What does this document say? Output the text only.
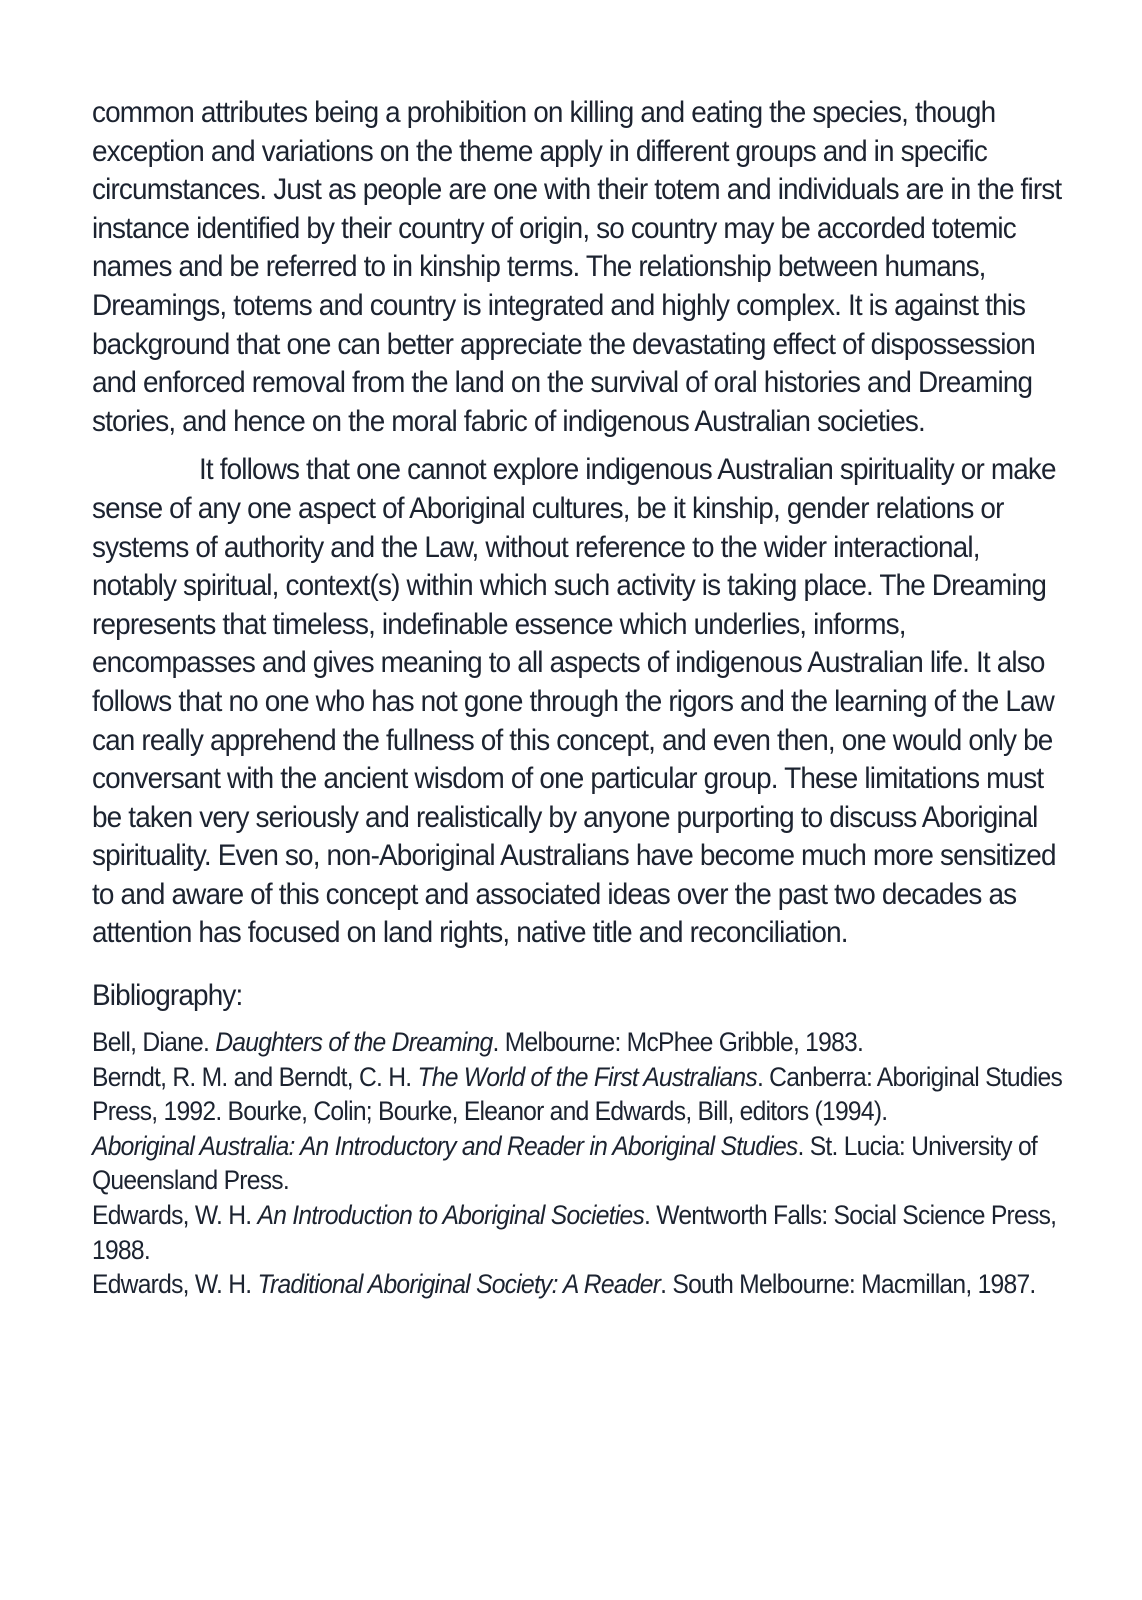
common attributes being a prohibition on killing and eating the species, though exception and variations on the theme apply in different groups and in specific circumstances. Just as people are one with their totem and individuals are in the first instance identified by their country of origin, so country may be accorded totemic names and be referred to in kinship terms. The relationship between humans, Dreamings, totems and country is integrated and highly complex. It is against this background that one can better appreciate the devastating effect of dispossession and enforced removal from the land on the survival of oral histories and Dreaming stories, and hence on the moral fabric of indigenous Australian societies.

It follows that one cannot explore indigenous Australian spirituality or make sense of any one aspect of Aboriginal cultures, be it kinship, gender relations or systems of authority and the Law, without reference to the wider interactional, notably spiritual, context(s) within which such activity is taking place. The Dreaming represents that timeless, indefinable essence which underlies, informs, encompasses and gives meaning to all aspects of indigenous Australian life. It also follows that no one who has not gone through the rigors and the learning of the Law can really apprehend the fullness of this concept, and even then, one would only be conversant with the ancient wisdom of one particular group. These limitations must be taken very seriously and realistically by anyone purporting to discuss Aboriginal spirituality. Even so, non-Aboriginal Australians have become much more sensitized to and aware of this concept and associated ideas over the past two decades as attention has focused on land rights, native title and reconciliation.

Bibliography:

Bell, Diane. Daughters of the Dreaming. Melbourne: McPhee Gribble, 1983.
Berndt, R. M. and Berndt, C. H. The World of the First Australians. Canberra: Aboriginal Studies Press, 1992. Bourke, Colin; Bourke, Eleanor and Edwards, Bill, editors (1994).
Aboriginal Australia: An Introductory and Reader in Aboriginal Studies. St. Lucia: University of Queensland Press.
Edwards, W. H. An Introduction to Aboriginal Societies. Wentworth Falls: Social Science Press, 1988.
Edwards, W. H. Traditional Aboriginal Society: A Reader. South Melbourne: Macmillan, 1987.
